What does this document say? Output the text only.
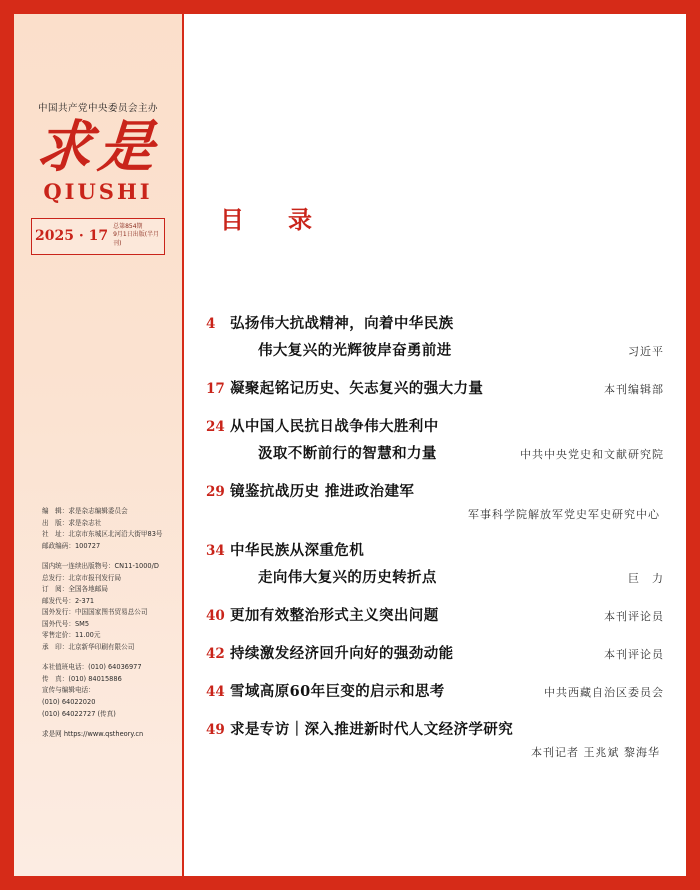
中国共产党中央委员会主办
求是
QIUSHI
2025 · 17
总第854期
9月1日出版(半月刊)
编　辑：求是杂志编辑委员会
出　版：求是杂志社
社　址：北京市东城区北河沿大街甲83号
邮政编码：100727
国内统一连续出版物号：CN11-1000/D
总发行：北京市报刊发行局
订　阅：全国各地邮局
邮发代号：2-371
国外发行：中国国家图书贸易总公司
国外代号：SM5
零售定价：11.00元
承　印：北京新华印刷有限公司
本社值班电话：(010) 64036977
传　真：(010) 84015886
宣传与编辑电话：
(010) 64022020
(010) 64022727 (传真)
求是网 https://www.qstheory.cn
目　录
4	弘扬伟大抗战精神，向着中华民族
伟大复兴的光辉彼岸奋勇前进	习近平
17 凝聚起铭记历史、矢志复兴的强大力量	本刊编辑部
24 从中国人民抗日战争伟大胜利中
汲取不断前行的智慧和力量	中共中央党史和文献研究院
29 镜鉴抗战历史 推进政治建军
军事科学院解放军党史军史研究中心
34 中华民族从深重危机
走向伟大复兴的历史转折点	巨　力
40 更加有效整治形式主义突出问题	本刊评论员
42 持续激发经济回升向好的强劲动能	本刊评论员
44 雪域高原60年巨变的启示和思考	中共西藏自治区委员会
49 求是专访｜深入推进新时代人文经济学研究
本刊记者 王兆斌 黎海华
